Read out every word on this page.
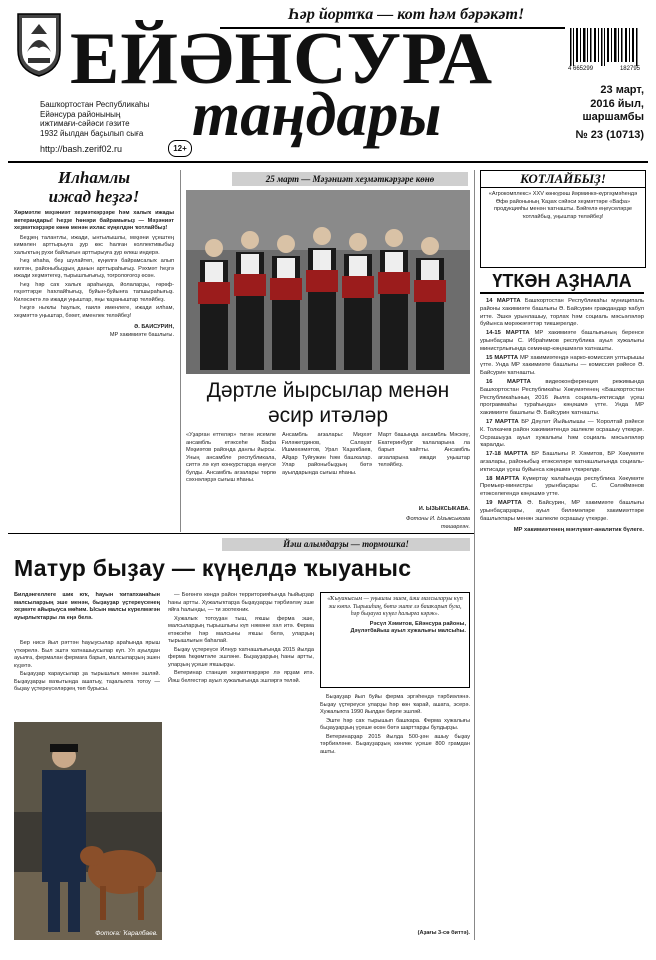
Һәр йортҡа — кот һәм бәрәкәт!
ЕЙӘНСУРА
таңдары
4 665299	182795
Башҡортостан Республикаһы
Ейәнсура районының
ижтимағи-сәйәси гәзите
1932 йылдан баҫылып сыға
http://bash.zerif02.ru	12+
23 март,
2016 йыл,
шаршамбы
№ 23 (10713)
Илһамлы
ижад һеҙгә!
Хөрмәтле мәҙәниәт хеҙмәткәрҙәре һәм халыҡ ижады ветерандары! Һеҙҙе һөнәри байрамығыҙ — Мәҙәниәт хеҙмәткәрҙәре көнө менән ихлас күңелдән ҡотлайбыҙ!

Беҙҙең талантлы, ижади, ынтылышлы, мәҙәни үҫештең кимәлен арттырыуға ҙур көс һалған коллективыбыҙ халыҡтың рухи байлығын арттырыуға ҙур өлөш индерә.

Һеҙ иһаһа, беҙ шулайтеп, күңелгә байрамсалыҡ алып килгән, районыбыҙҙың данын арттыраһығыҙ. Рәхмәт һеҙгә ижади хеҙмәтегеҙ, тырышлығығыҙ, тоғролоғоғоҙ өсөн.

Һеҙ һәр саҡ халыҡ араһында, йолаларҙы, ғөрөф-ғәҙәттәрҙе һаҡлайһығыҙ, буйын-буйынға тапшыраһығыҙ. Киләсәктә лә ижади уңыштар, яңы ҡаҙаныштар теләйбеҙ.

Һеҙгә ныҡлы һаулыҡ, ғаилә именлеге, ижади илһам, хеҙмәттә уңыштар, бәхет, именлек теләйбеҙ!

Ә. БАЙСУРИН,
МР хакимиәте башлығы.
25 март — Мәҙәниәт хеҙмәткәрҙәре көнө
Дәртле йырсылар менән
әсир итәләр
«Уҙарған еттеләр» тигән исемле ансамбль етәксеһе Вафа Мәҙиәтов районда данлы йырсы. Уның ансамбле республикала, ситтә лә күп конкурстарҙа еңеүсе булды. Ансамбль ағзалары төрлө сәхнәләрҙә сығыш яһаны.
Ансамбль ағзалары: Миҙхәт Ғиләжетдинов, Салауат Ишмөхәмәтов, Урал Ҡаҙаҡбаев, Айҙар Туйғужин һәм башҡалар. Улар районыбыҙҙың бөтә ауылдарында сығыш яһаны.
Март башында ансамбль Мәскәү, Екатеринбург ҡалаларына ла барып ҡайтты. Ансамбль ағзаларына ижади уңыштар теләйбеҙ.
И. ЫЗЫКСЫКАВА.
Фотоны И. Ызыксыкова төшөргән.
КОТЛАЙБЫҘ!
«Агрокомплекс» ХХV көнкүрөш йәрминкә-күргәҙмәһендә Өфө районының Ҡаҙаҡ сәйәси хеҙмәттәре «Вафа» продукцияһы менән ҡатнашты. Бәйгелә еңеүселәрҙе ҡотлайбыҙ, уңыштар теләйбеҙ!
ҮТКӘН АҘНАЛА

14 МАРТТА Башҡортостан Республикаһы муниципаль районы хакимиәте башлығы Ә. Байсурин граждандар ҡабул итте. Эшкә урынлашыу, торлаҡ һәм социаль мәсьәләләр буйынса мөрәжәғәттәр тикшерелде.

14-15 МАРТТА МР хакимиәте башлығының беренсе урынбаҫары С. Ибраһимов республика ауыл хужалығы министрлығында семинар-кәңәшмәлә ҡатнашты.

15 МАРТТА МР хакимиәтендә нарко-комиссия ултырышы үтте. Унда МР хакимиәте башлығы — комиссия рәйесе Ә. Байсурин ҡатнашты.

16 МАРТТА	видеоконференция режимында Башҡортостан Республикаһы Хөкүмәтенең «Башҡортостан Республикаһының 2016 йылға социаль-иҡтисади үҫеш программаһы тураһында» кәңәшмә үтте. Унда МР хакимиәте башлығы Ә. Байсурин ҡатнашты.

17 МАРТТА БР Дәүләт Йыйылышы — Ҡоролтай рәйесе К. Толкачев район хакимиәтендә эшлекле осрашыу үткәрҙе. Осрашыуҙа ауыл хужалығы һәм социаль мәсьәләләр ҡаралды.

17-18 МАРТТА БР Башлығы Р. Хәмитов, БР Хөкүмәте ағзалары, районыбыҙ етәкселәре ҡатнашлығында социаль-иҡтисади үҫеш буйынса кәңәшмә үткәрелде.

18 МАРТТА Күмертау ҡалаһында республика Хөкүмәте Премьер-министры урынбаҫары С. Сөләймәнов етәкселегендә кәңәшмә үтте.

19 МАРТТА Ә. Байсурин, МР хакимиәте башлығы урынбаҫарҙары, ауыл биләмәләре хакимиәттәре башлыҡтары менән эшлекле осрашыу үткәрҙе.

МР хакимиәтенең мәғлүмәт-аналитик бүлеге.

Йәш алымдарҙы — тормошҡа!
Матур быҙау — күңелдә ҡыуаныс
Билдәнгеллеге шик юҡ, һауын ҡитапханаһын малсыларҙың эше менән, быҙауҙар үҫтереүсенең хеҙмәте айырыуса мөһим. Ысын малсы күрелмәгән ауырлыҡтарҙы ла еңә белә.

Бер нисә йыл рәттән һауыусылар араһында ярыш үткәрелә. Был эштә ҡатнашыусылар күп. Ул ауылдан ауылға, фермалан фермаға барып, малсыларҙың эшен күҙәтә.

Быҙауҙар ҡараусылар ҙа тырышлыҡ менән эшләй. Быҙауҙарҙы ваҡытында ашатыу, таҙалыҡта тотоу — быҙау үҫтереүселәрҙең төп бурысы.

Фотоға: Ҡаралбаев.

— Бөгөнгө көндә район территорияһында һыйырҙар һаны артты. Хужалыҡтарҙа быҙауҙарҙы тәрбиәләү эше яйға һалынды, — ти зоотехник.

Хужалыҡ тотоуҙан тыш, яҡшы ферма эше, малсыларҙың тырышлығы күп нәмәне хәл итә. Ферма етәксеһе һәр малсыны яҡшы белә, уларҙың тырышлығын баһалай.

Быҙау үҫтереүсе Илнур ҡатнашлығында 2015 йылда ферма һөҙөмтәле эшләне. Быҙауҙарҙың һаны артты, уларҙың үҫеше яҡшырҙы.

Ветеринар станция хеҙмәткәрҙәре лә ярҙам итә. Йәш белгестәр ауыл хужалығында эшләргә теләй.

«Ҡыуанысым — уңышлы эшем, йәш малсыларҙы күп эш көтә. Тырышһаң, бөтә эште лә башҡарып була, һәр быҙауға күңел һалырға кәрәк».
Рәсүл Хәмитов, Ейәнсура районы,
Дәүләтбайыш ауыл хужалығы малсыһы.

Быҙауҙар йыл буйы ферма эргәһендә тәрбиәләнә. Быҙау үҫтереүсе уларҙы һәр көн ҡарай, ашата, эсерә. Хужалыҡта 1990 йылдан бирле эшләй.

Эште һәр саҡ тырышып башҡара. Ферма хужалығы быҙауҙарҙың үҫеше өсөн бөтә шарттарҙы булдырҙы.

Ветеринарҙар 2015 йылда 500-ҙән ашыу быҙау тәрбиәләне. Быҙауҙарҙың көнлөк үҫеше 800 грамдан ашты.

(Аҙағы 3-сө биттә).
